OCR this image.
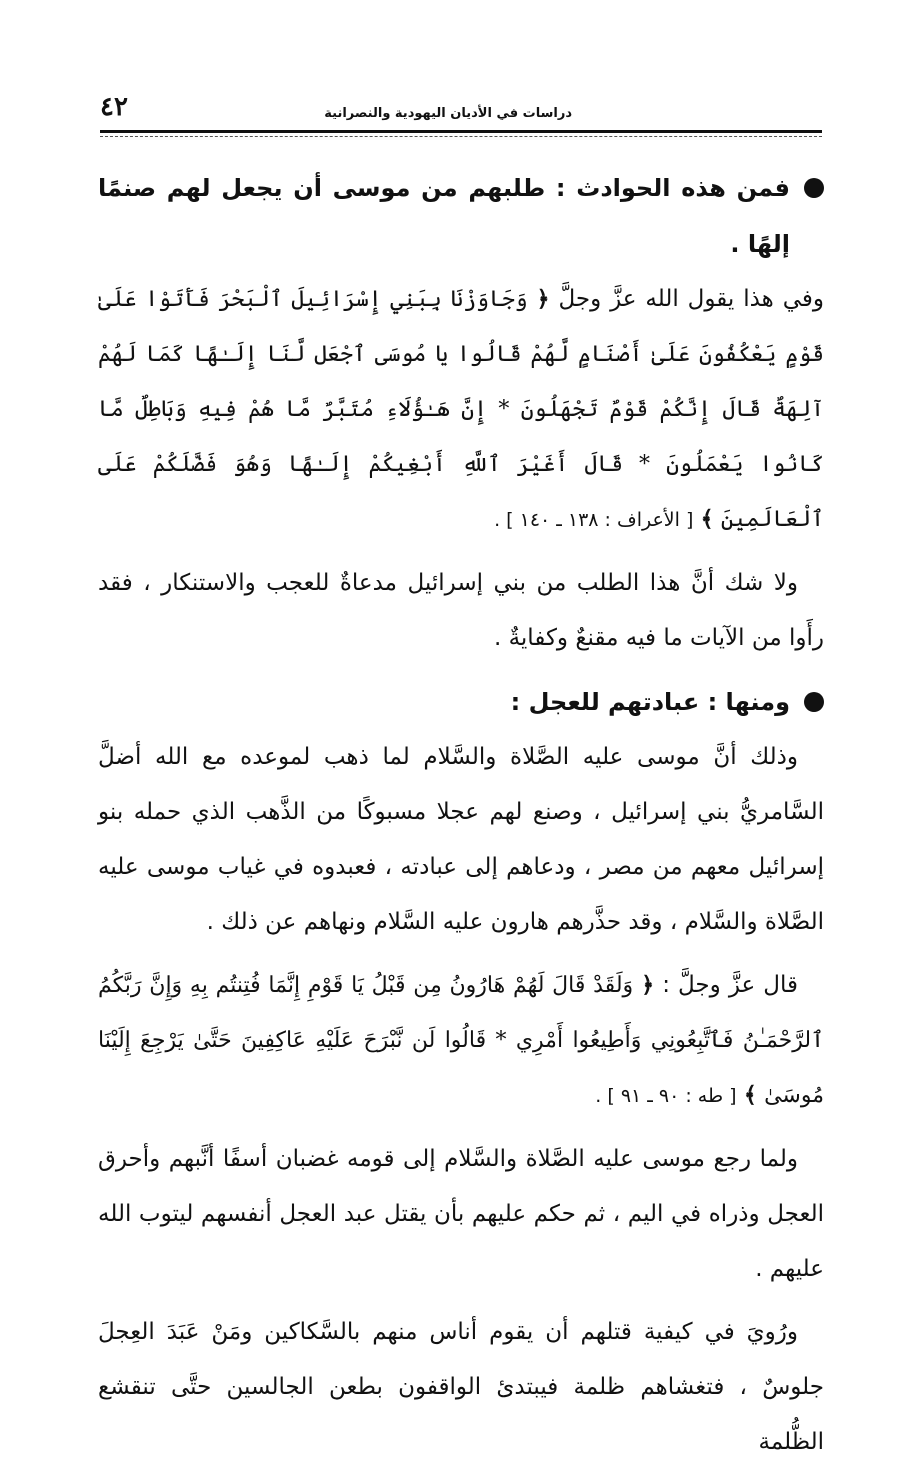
٤٢	دراسات في الأديان اليهودية والنصرانية

فمن هذه الحوادث : طلبهم من موسى أن يجعل لهم صنمًا إلهًا .

وفي هذا يقول الله عزَّ وجلَّ ﴿ وَجَاوَزْنَا بِبَنِي إِسْرَائِيلَ ٱلْبَحْرَ فَأَتَوْا عَلَىٰ قَوْمٍ يَعْكُفُونَ عَلَىٰ أَصْنَامٍ لَّهُمْ قَالُوا يا مُوسَى ٱجْعَل لَّنَا إِلَـٰهًا كَمَا لَهُمْ آلِهَةٌ قَالَ إِنَّكُمْ قَوْمٌ تَجْهَلُونَ * إِنَّ هَـٰؤُلَاءِ مُتَبَّرٌ مَّا هُمْ فِيهِ وَبَاطِلٌ مَّا كَانُوا يَعْمَلُونَ * قَالَ أَغَيْرَ ٱللَّهِ أَبْغِيكُمْ إِلَـٰهًا وَهُوَ فَضَّلَكُمْ عَلَى ٱلْعَالَمِينَ ﴾ [ الأعراف : ١٣٨ ـ ١٤٠ ] .

ولا شك أنَّ هذا الطلب من بني إسرائيل مدعاةٌ للعجب والاستنكار ، فقد رأَوا من الآيات ما فيه مقنعٌ وكفايةٌ .

ومنها : عبادتهم للعجل :

وذلك أنَّ موسى عليه الصَّلاة والسَّلام لما ذهب لموعده مع الله أضلَّ السَّامريُّ بني إسرائيل ، وصنع لهم عجلا مسبوكًا من الذَّهب الذي حمله بنو إسرائيل معهم من مصر ، ودعاهم إلى عبادته ، فعبدوه في غياب موسى عليه الصَّلاة والسَّلام ، وقد حذَّرهم هارون عليه السَّلام ونهاهم عن ذلك .

قال عزَّ وجلَّ : ﴿ وَلَقَدْ قَالَ لَهُمْ هَارُونُ مِن قَبْلُ يَا قَوْمِ إِنَّمَا فُتِنتُم بِهِ وَإِنَّ رَبَّكُمُ ٱلرَّحْمَـٰنُ فَٱتَّبِعُونِي وَأَطِيعُوا أَمْرِي * قَالُوا لَن نَّبْرَحَ عَلَيْهِ عَاكِفِينَ حَتَّىٰ يَرْجِعَ إِلَيْنَا مُوسَىٰ ﴾ [ طه : ٩٠ ـ ٩١ ] .

ولما رجع موسى عليه الصَّلاة والسَّلام إلى قومه غضبان أسفًا أنَّبهم وأحرق العجل وذراه في اليم ، ثم حكم عليهم بأن يقتل عبد العجل أنفسهم ليتوب الله عليهم .

ورُويَ في كيفية قتلهم أن يقوم أناس منهم بالسَّكاكين ومَنْ عَبَدَ العِجلَ جلوسٌ ، فتغشاهم ظلمة فيبتدئ الواقفون بطعن الجالسين حتَّى تنقشع الظُّلمة
